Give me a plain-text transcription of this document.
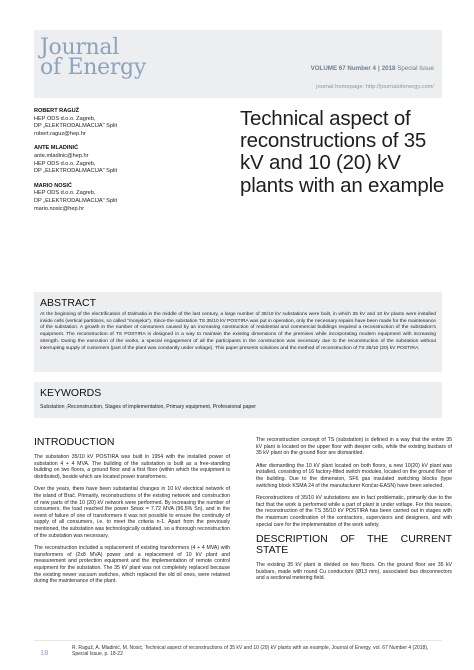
Journal
of Energy	VOLUME 67 Number 4 | 2018 Special Issue
journal homepage: http://journalofenergy.com/
ROBERT RAGUŽ
HEP ODS d.o.o. Zagreb,
DP „ELEKTRODALMACIJA" Split
robert.raguz@hep.hr
ANTE MLADINIĆ
ante.mladinic@hep.hr
HEP ODS d.o.o. Zagreb,
DP „ELEKTRODALMACIJA" Split
MARIO NOSIĆ
HEP ODS d.o.o. Zagreb,
DP „ELEKTRODALMACIJA" Split
mario.nosic@hep.hr
Technical aspect of reconstructions of 35 kV and 10 (20) kV plants with an example
ABSTRACT
At the beginning of the electrification of Dalmatia in the middle of the last century, a large number of 35/10 kV substations were built, in which 35 kV and 10 kV plants were installed inside cells (vertical partitions, so called "monjeka"). Since the substation TS 35/10 kV POSTIRA was put in operation, only the necessary repairs have been made for the maintenance of the substation. A growth in the number of consumers caused by an increasing construction of residential and commercial buildings required a reconstruction of the substation's equipment. The reconstruction of TS POSTIRA is designed in a way to maintain the existing dimensions of the premises while incorporating modern equipment with increasing strength. During the execution of the works, a special engagement of all the participants in the construction was necessary due to the reconstruction of the substation without interrupting supply of customers (part of the plant was constantly under voltage). This paper presents solutions and the method of reconstruction of TS 35/10 (20) kV POSTIRA.
KEYWORDS
Substation ,Reconstruction, Stages of implementation, Primary equipment, Professional paper
INTRODUCTION

The substation 35/10 kV POSTIRA was built in 1954 with the installed power of substation 4 + 4 MVA. The building of the substation is built as a free-standing building on two floors, a ground floor and a first floor (within which the equipment is distributed), beside which are located power transformers.

Over the years, there have been substantial changes in 10 kV electrical network of the island of Brač. Primarily, reconstructions of the existing network and construction of new parts of the 10 (20) kV network were performed. By increasing the number of consumers, the load reached the power Smax = 7.72 MVA (96.5% Sn), and in the event of failure of one of transformers it was not possible to ensure the continuity of supply of all consumers, i.e. to meet the criteria n-1. Apart from the previously mentioned, the substation was technologically outdated, so a thorough reconstruction of the substation was necessary.

The reconstruction included a replacement of existing transformers (4 + 4 MVA) with transformers of (2x8 MVA) power and a replacement of 10 kV plant and measurement and protection equipment and the implementation of remote control equipment for the substation. The 35 kV plant was not completely replaced because the existing newer vacuum switches, which replaced the old oil ones, were retained during the maintenance of the plant.

The reconstruction concept of TS (substation) is defined in a way that the entire 35 kV plant is located on the upper floor with deeper cells, while the existing busbars of 35 kV plant on the ground floor are dismantled.

After dismantling the 10 kV plant located on both floors, a new 10(20) kV plant was installed, consisting of 16 factory-fitted switch modules, located on the ground floor of the building. Due to the dimension, SF6 gas insulated switching blocks (type switching block KSMA 24 of the manufacturer Končar-EASN) have been selected.

Reconstructions of 35/10 kV substations are in fact problematic, primarily due to the fact that the work is performed while a part of plant is under voltage. For this reason, the reconstruction of the TS 35/10 kV POSTIRA has been carried out in stages with the maximum coordination of the contractors, supervisors and designers, and with special care for the implementation of the work safety.

DESCRIPTION OF THE CURRENT STATE

The existing 35 kV plant is divided on two floors. On the ground floor are 35 kV busbars, made with round Cu conductors (Ø13 mm), associated bus disconnectors and a sectional metering field.

18	R. Raguž, A. Mladinić, M. Nosić, Technical aspect of reconstructions of 35 kV and 10 (20) kV plants with an example, Journal of Energy, vol. 67 Number 4 (2018), Special Issue, p. 18-22
